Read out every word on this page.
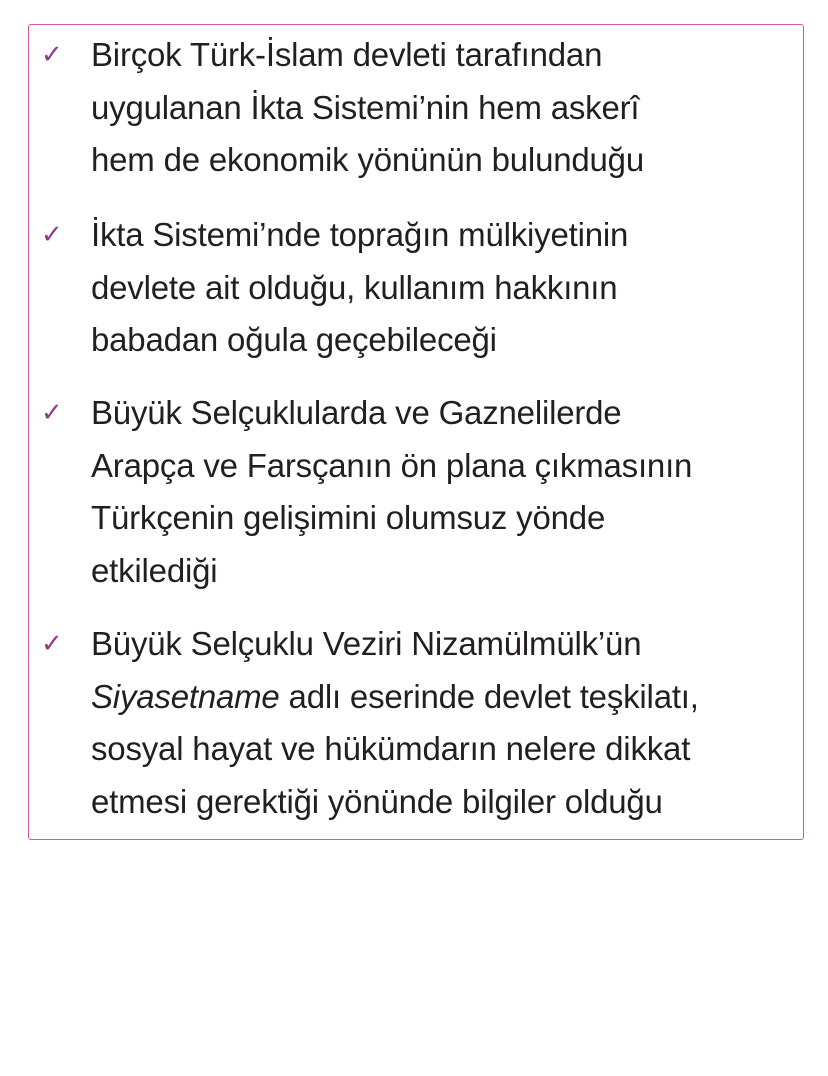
✓ Birçok Türk-İslam devleti tarafından
uygulanan İkta Sistemi’nin hem askerî
hem de ekonomik yönünün bulunduğu
✓ İkta Sistemi’nde toprağın mülkiyetinin
devlete ait olduğu, kullanım hakkının
babadan oğula geçebileceği
✓ Büyük Selçuklularda ve Gaznelilerde
Arapça ve Farsçanın ön plana çıkmasının
Türkçenin gelişimini olumsuz yönde
etkilediği
✓ Büyük Selçuklu Veziri Nizamülmülk’ün
Siyasetname adlı eserinde devlet teşkilatı,
sosyal hayat ve hükümdarın nelere dikkat
etmesi gerektiği yönünde bilgiler olduğu
